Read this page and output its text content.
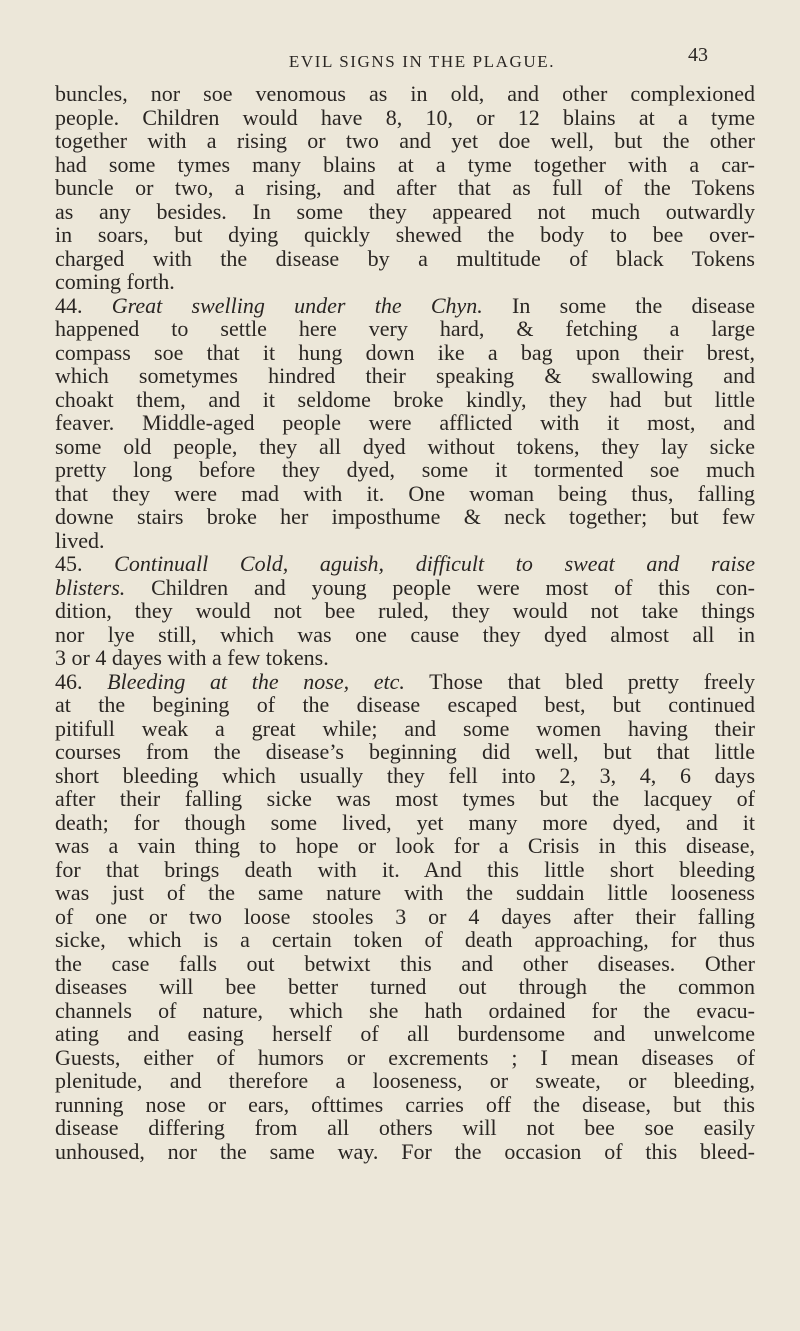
EVIL SIGNS IN THE PLAGUE.	43
buncles, nor soe venomous as in old, and other complexioned
people. Children would have 8, 10, or 12 blains at a tyme
together with a rising or two and yet doe well, but the other
had some tymes many blains at a tyme together with a car-
buncle or two, a rising, and after that as full of the Tokens
as any besides. In some they appeared not much outwardly
in soars, but dying quickly shewed the body to bee over-
charged with the disease by a multitude of black Tokens
coming forth.
44. Great swelling under the Chyn. In some the disease
happened to settle here very hard, & fetching a large
compass soe that it hung down ike a bag upon their brest,
which sometymes hindred their speaking & swallowing and
choakt them, and it seldome broke kindly, they had but little
feaver. Middle-aged people were afflicted with it most, and
some old people, they all dyed without tokens, they lay sicke
pretty long before they dyed, some it tormented soe much
that they were mad with it. One woman being thus, falling
downe stairs broke her imposthume & neck together; but few
lived.
45. Continuall Cold, aguish, difficult to sweat and raise
blisters. Children and young people were most of this con-
dition, they would not bee ruled, they would not take things
nor lye still, which was one cause they dyed almost all in
3 or 4 dayes with a few tokens.
46. Bleeding at the nose, etc. Those that bled pretty freely
at the begining of the disease escaped best, but continued
pitifull weak a great while; and some women having their
courses from the disease’s beginning did well, but that little
short bleeding which usually they fell into 2, 3, 4, 6 days
after their falling sicke was most tymes but the lacquey of
death; for though some lived, yet many more dyed, and it
was a vain thing to hope or look for a Crisis in this disease,
for that brings death with it. And this little short bleeding
was just of the same nature with the suddain little looseness
of one or two loose stooles 3 or 4 dayes after their falling
sicke, which is a certain token of death approaching, for thus
the case falls out betwixt this and other diseases. Other
diseases will bee better turned out through the common
channels of nature, which she hath ordained for the evacu-
ating and easing herself of all burdensome and unwelcome
Guests, either of humors or excrements ; I mean diseases of
plenitude, and therefore a looseness, or sweate, or bleeding,
running nose or ears, ofttimes carries off the disease, but this
disease differing from all others will not bee soe easily
unhoused, nor the same way. For the occasion of this bleed-
